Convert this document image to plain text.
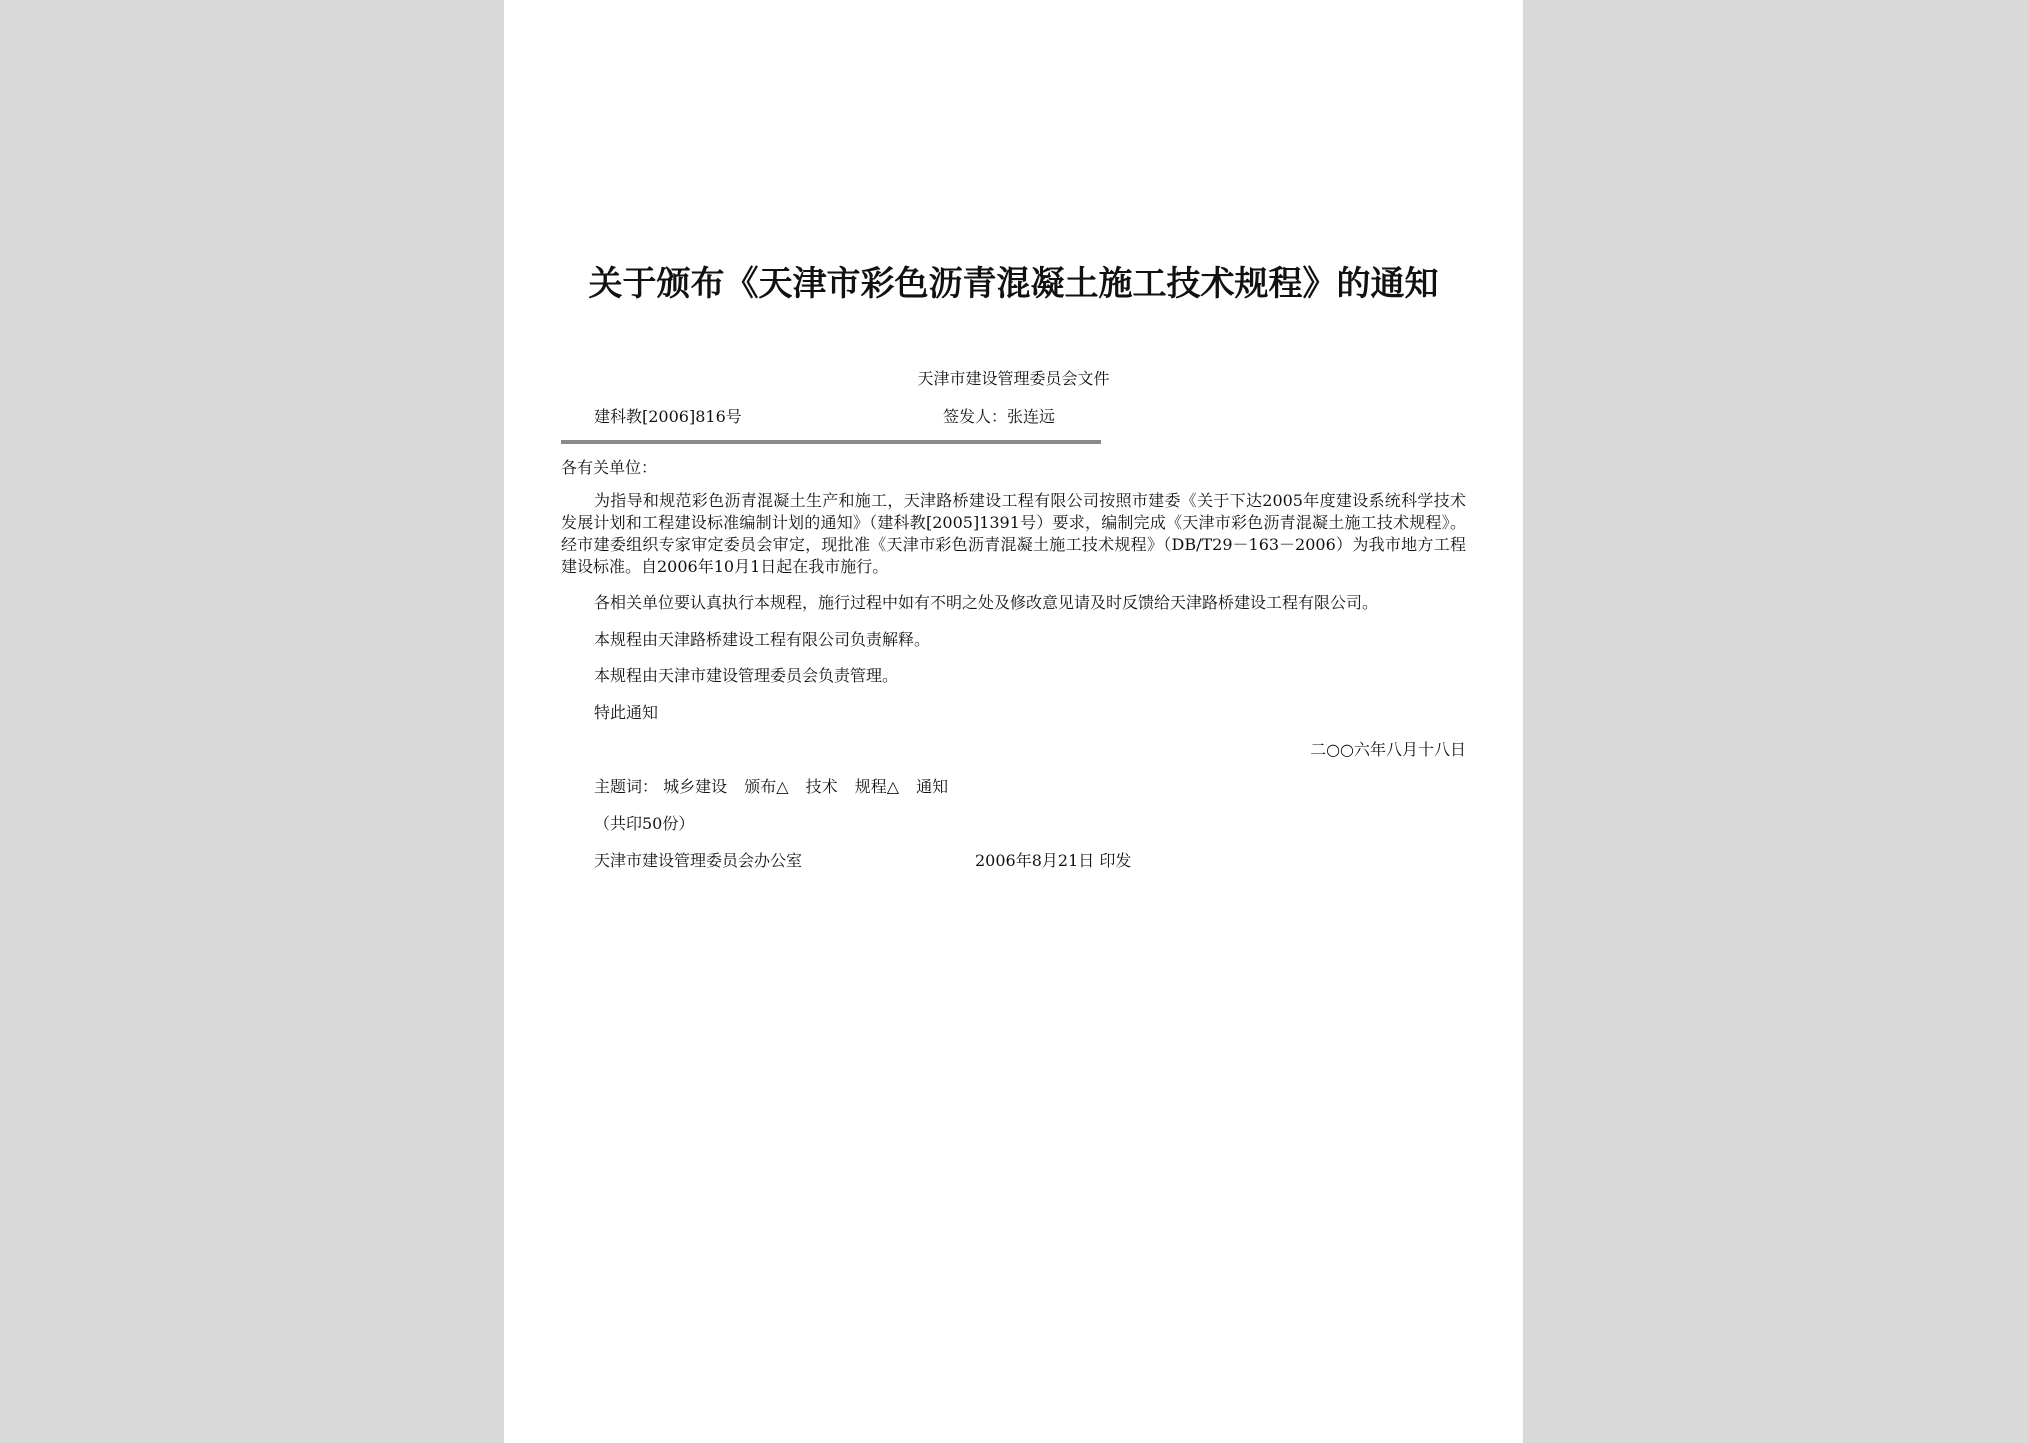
关于颁布《天津市彩色沥青混凝土施工技术规程》的通知
天津市建设管理委员会文件
建科教[2006]816号	签发人：张连远
各有关单位：
为指导和规范彩色沥青混凝土生产和施工，天津路桥建设工程有限公司按照市建委《关于下达2005年度建设系统科学技术发展计划和工程建设标准编制计划的通知》（建科教[2005]1391号）要求，编制完成《天津市彩色沥青混凝土施工技术规程》。经市建委组织专家审定委员会审定，现批准《天津市彩色沥青混凝土施工技术规程》（DB/T29－163－2006）为我市地方工程建设标准。自2006年10月1日起在我市施行。
各相关单位要认真执行本规程，施行过程中如有不明之处及修改意见请及时反馈给天津路桥建设工程有限公司。
本规程由天津路桥建设工程有限公司负责解释。
本规程由天津市建设管理委员会负责管理。
特此通知
二○○六年八月十八日
主题词： 城乡建设 颁布△ 技术 规程△ 通知
（共印50份）
天津市建设管理委员会办公室	2006年8月21日 印发
